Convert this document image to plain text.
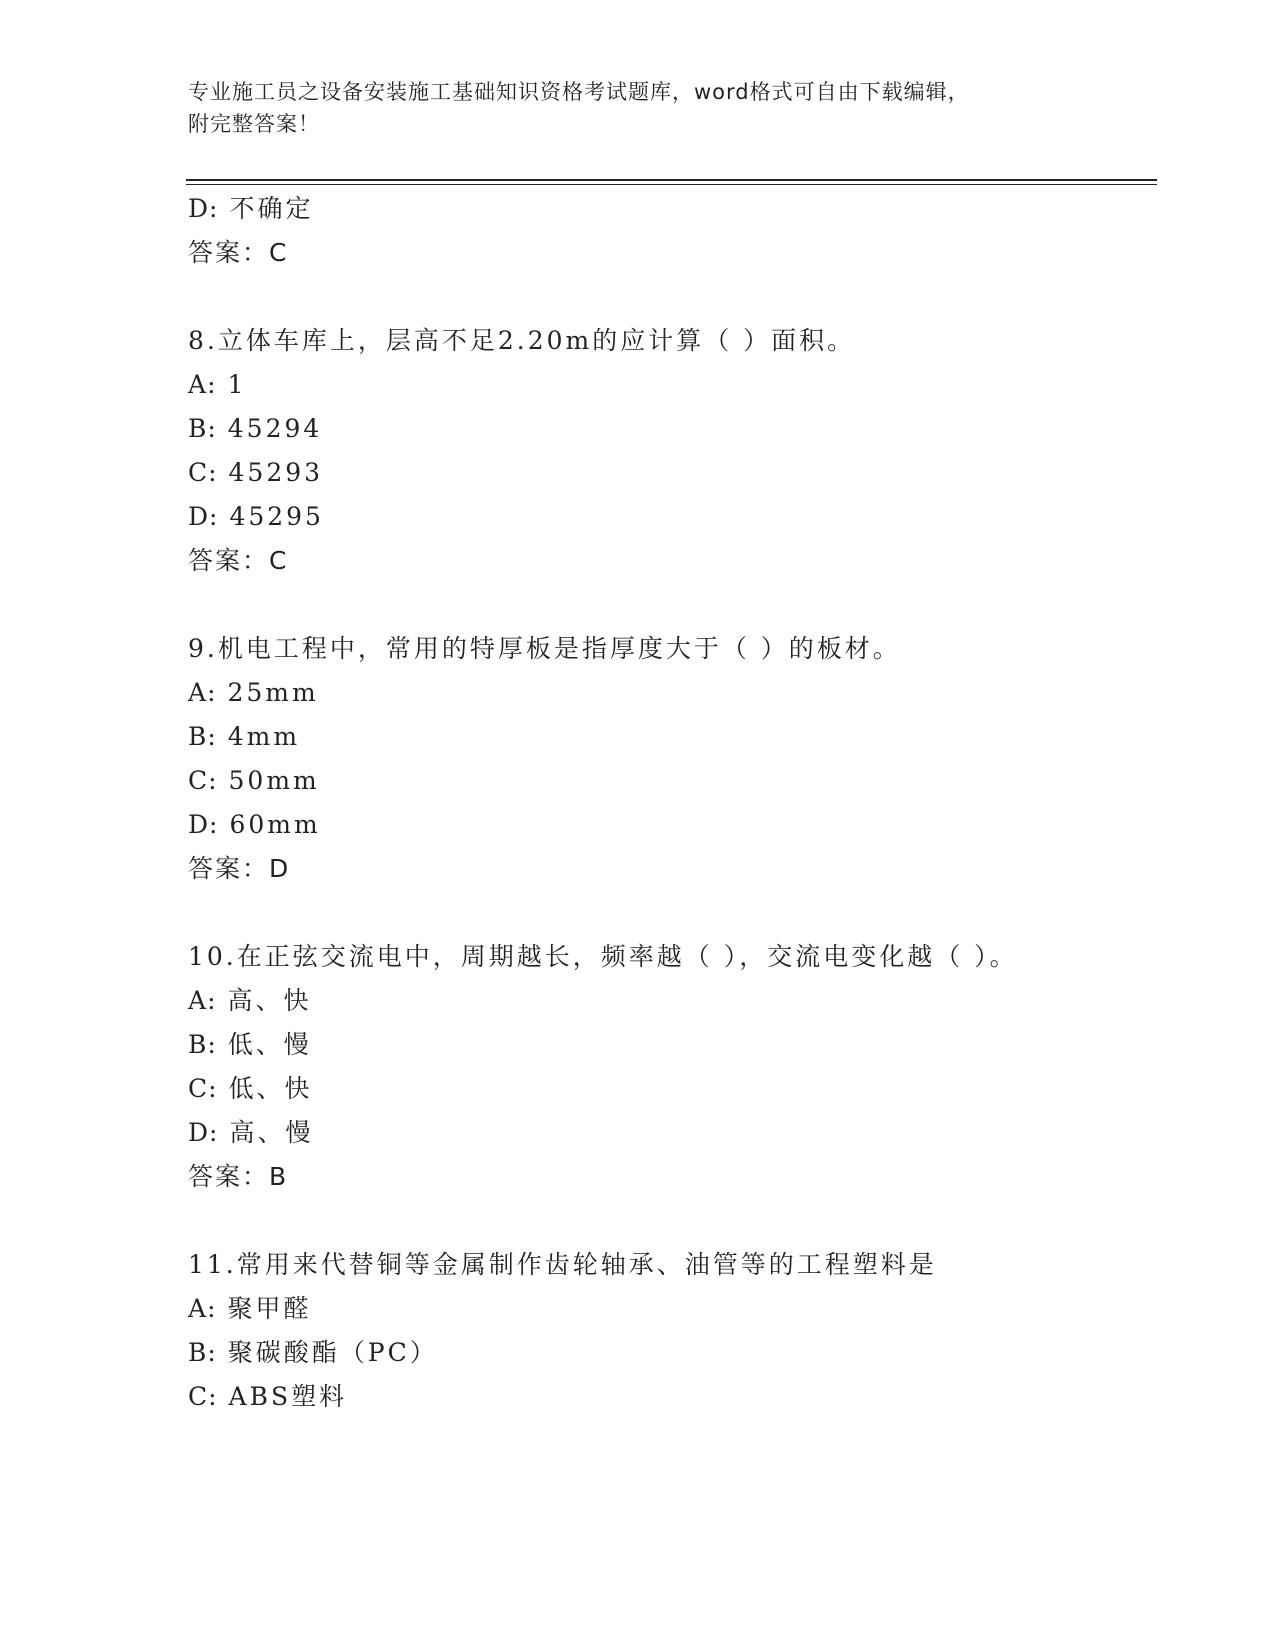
专业施工员之设备安装施工基础知识资格考试题库，word格式可自由下载编辑，
附完整答案！
D: 不确定
答案：C
8.立体车库上，层高不足2.20m的应计算（ ）面积。
A: 1
B: 45294
C: 45293
D: 45295
答案：C
9.机电工程中，常用的特厚板是指厚度大于（ ）的板材。
A: 25mm
B: 4mm
C: 50mm
D: 60mm
答案：D
10.在正弦交流电中，周期越长，频率越（ ），交流电变化越（ ）。
A: 高、快
B: 低、慢
C: 低、快
D: 高、慢
答案：B
11.常用来代替铜等金属制作齿轮轴承、油管等的工程塑料是
A: 聚甲醛
B: 聚碳酸酯（PC）
C: ABS塑料
